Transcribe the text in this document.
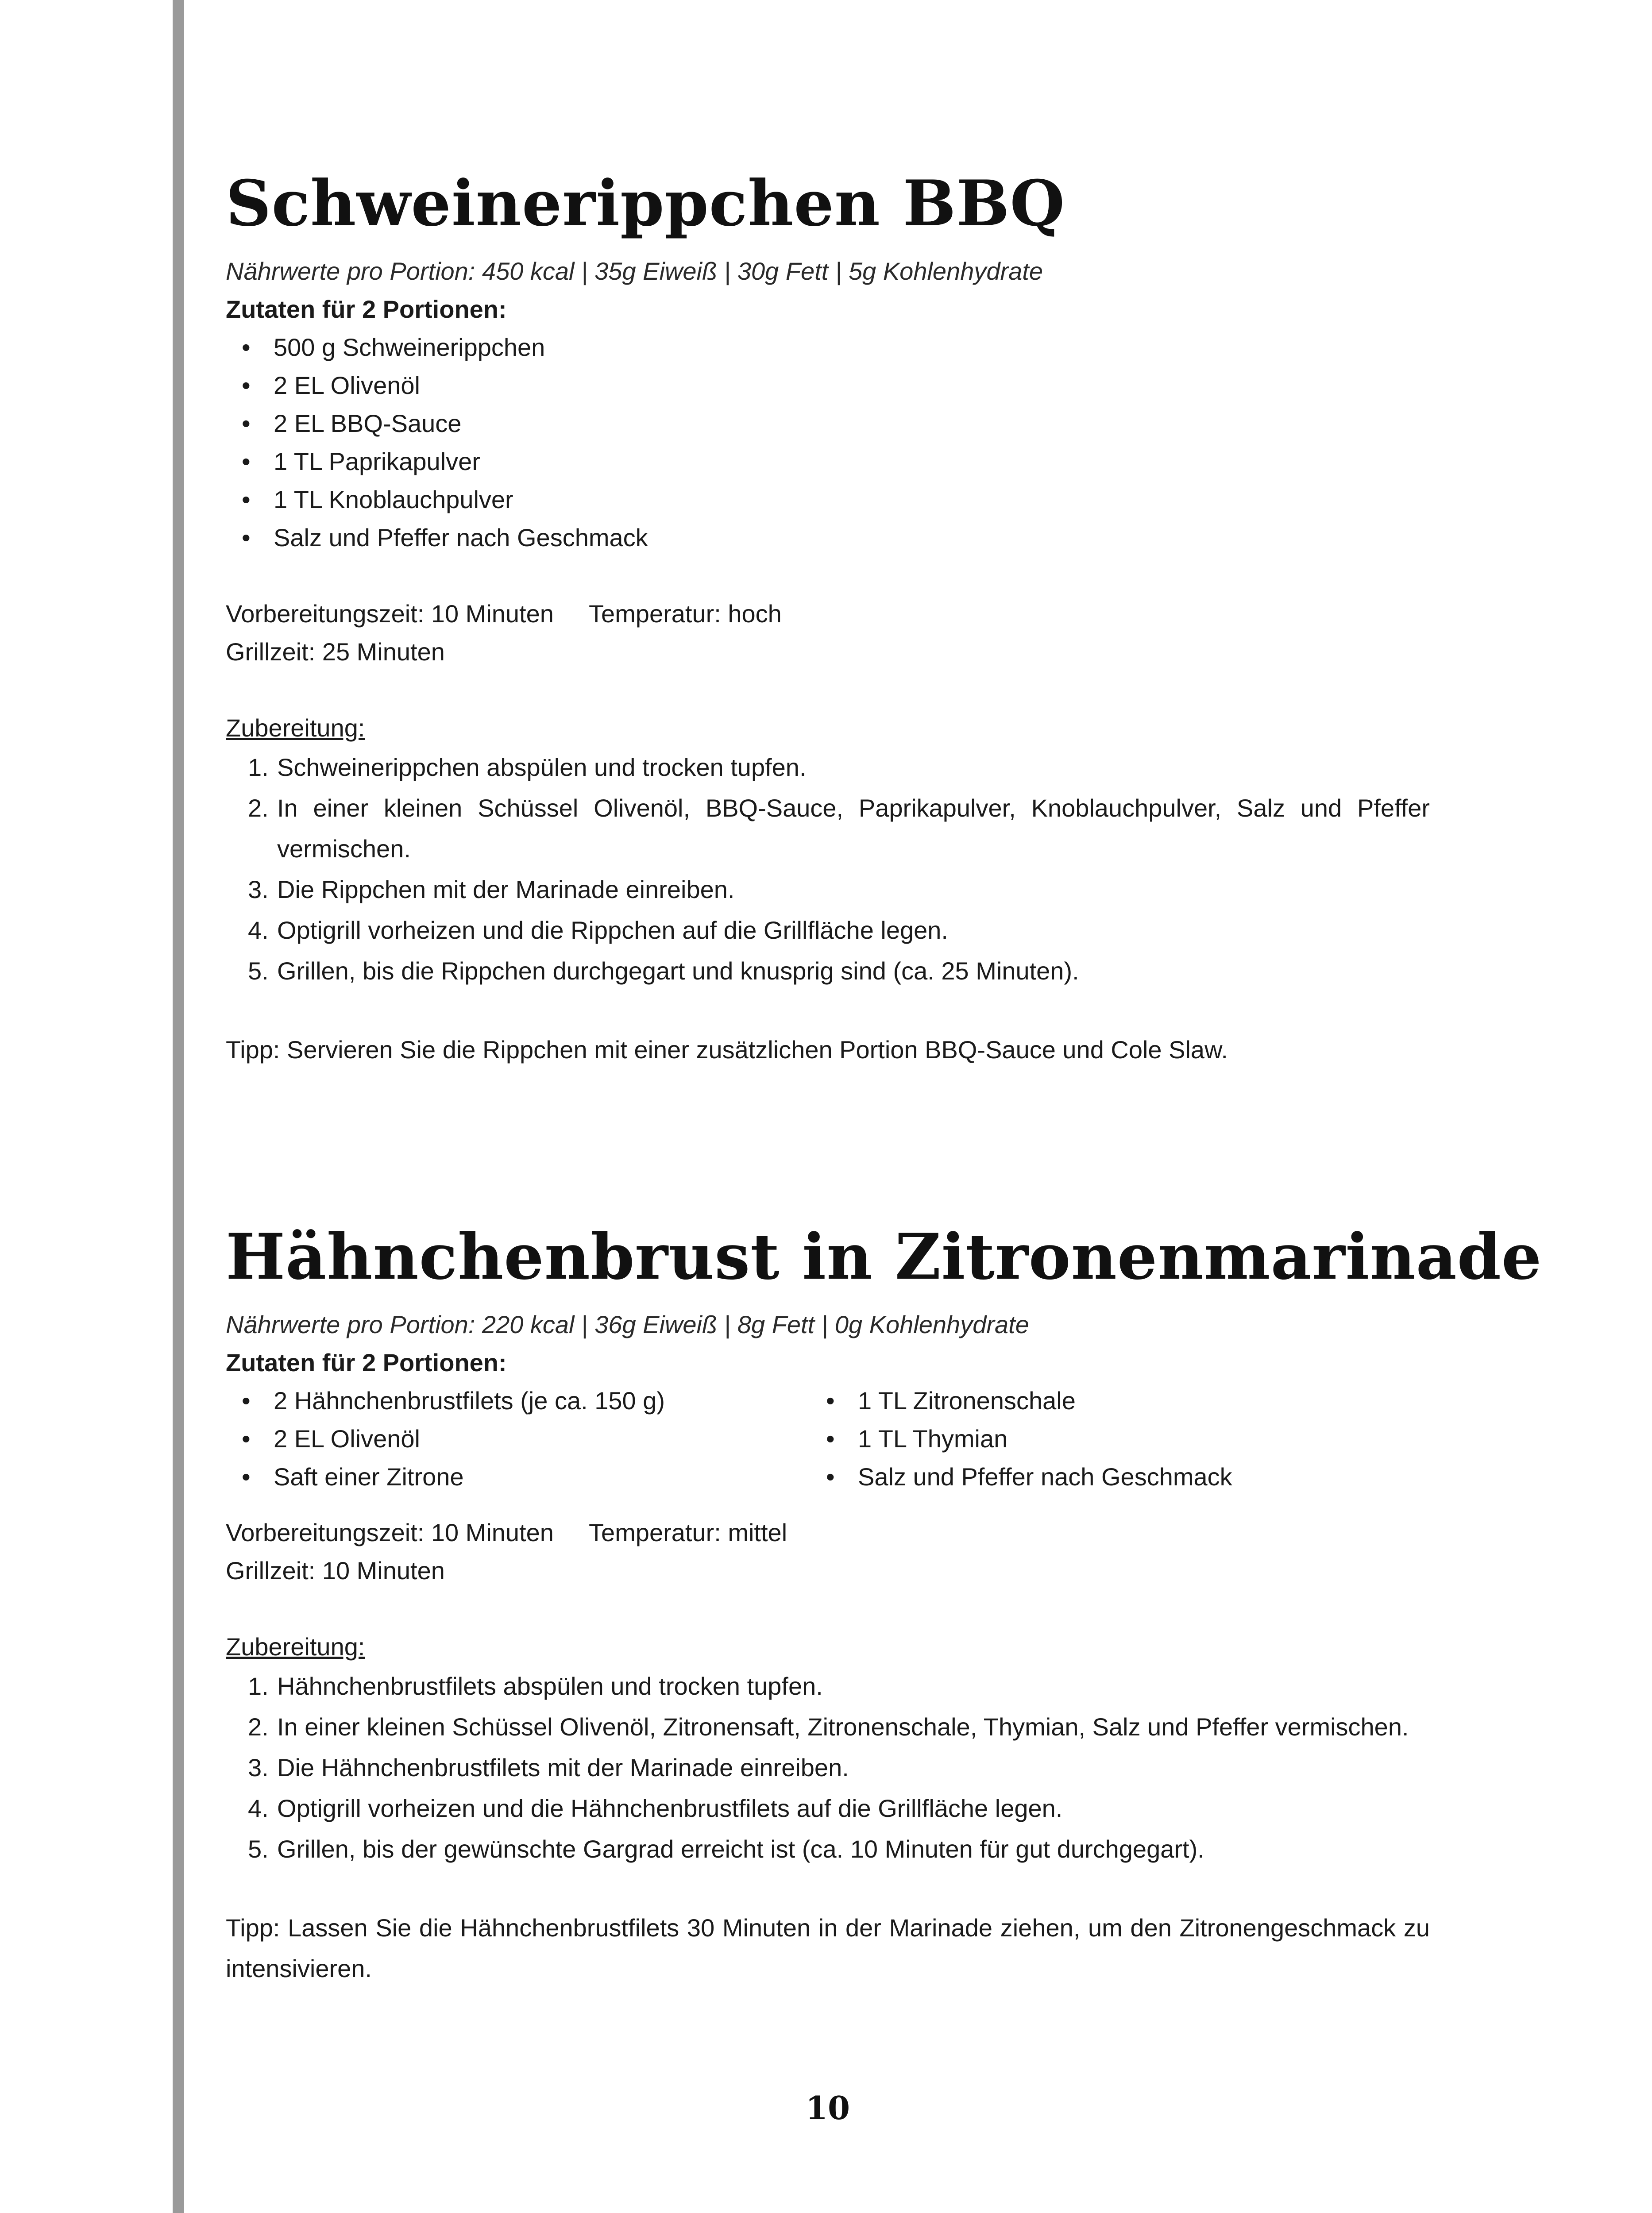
Schweinerippchen BBQ
Nährwerte pro Portion: 450 kcal | 35g Eiweiß | 30g Fett | 5g Kohlenhydrate
Zutaten für 2 Portionen:
• 500 g Schweinerippchen
• 2 EL Olivenöl
• 2 EL BBQ-Sauce
• 1 TL Paprikapulver
• 1 TL Knoblauchpulver
• Salz und Pfeffer nach Geschmack
Vorbereitungszeit: 10 Minuten	Temperatur: hoch
Grillzeit: 25 Minuten
Zubereitung:
1. Schweinerippchen abspülen und trocken tupfen.
2. In einer kleinen Schüssel Olivenöl, BBQ-Sauce, Paprikapulver, Knoblauchpulver, Salz und Pfeffer vermischen.
3. Die Rippchen mit der Marinade einreiben.
4. Optigrill vorheizen und die Rippchen auf die Grillfläche legen.
5. Grillen, bis die Rippchen durchgegart und knusprig sind (ca. 25 Minuten).
Tipp: Servieren Sie die Rippchen mit einer zusätzlichen Portion BBQ-Sauce und Cole Slaw.
Hähnchenbrust in Zitronenmarinade
Nährwerte pro Portion: 220 kcal | 36g Eiweiß | 8g Fett | 0g Kohlenhydrate
Zutaten für 2 Portionen:
• 2 Hähnchenbrustfilets (je ca. 150 g)
• 2 EL Olivenöl
• Saft einer Zitrone
• 1 TL Zitronenschale
• 1 TL Thymian
• Salz und Pfeffer nach Geschmack
Vorbereitungszeit: 10 Minuten	Temperatur: mittel
Grillzeit: 10 Minuten
Zubereitung:
1. Hähnchenbrustfilets abspülen und trocken tupfen.
2. In einer kleinen Schüssel Olivenöl, Zitronensaft, Zitronenschale, Thymian, Salz und Pfeffer vermischen.
3. Die Hähnchenbrustfilets mit der Marinade einreiben.
4. Optigrill vorheizen und die Hähnchenbrustfilets auf die Grillfläche legen.
5. Grillen, bis der gewünschte Gargrad erreicht ist (ca. 10 Minuten für gut durchgegart).
Tipp: Lassen Sie die Hähnchenbrustfilets 30 Minuten in der Marinade ziehen, um den Zitronengeschmack zu intensivieren.
10
